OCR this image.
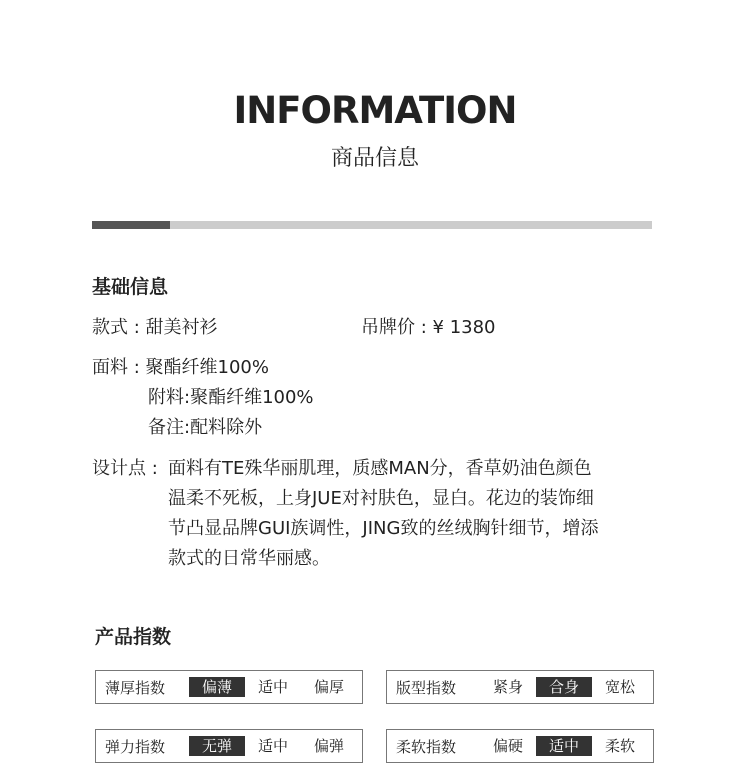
INFORMATION
商品信息
基础信息
款式 : 甜美衬衫	吊牌价 : ¥ 1380
面料 : 聚酯纤维100%
附料:聚酯纤维100%
备注:配料除外
设计点 : 面料有TE殊华丽肌理，质感MAN分，香草奶油色颜色
温柔不死板，上身JUE对衬肤色，显白。花边的装饰细
节凸显品牌GUI族调性，JING致的丝绒胸针细节，增添
款式的日常华丽感。
产品指数
薄厚指数	偏薄	适中	偏厚	版型指数	紧身	合身	宽松
弹力指数	无弹	适中	偏弹	柔软指数	偏硬	适中	柔软
